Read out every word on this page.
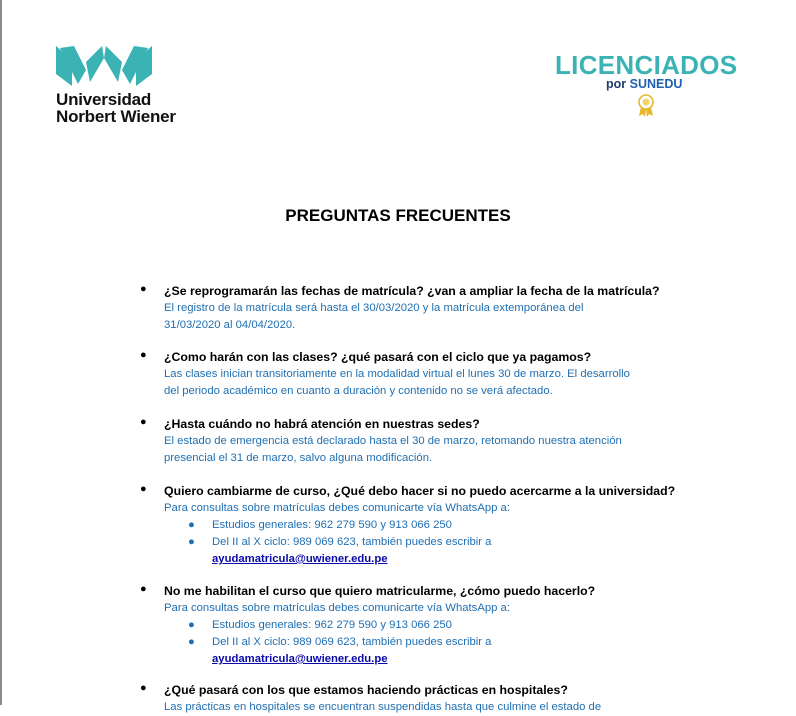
Universidad
Norbert Wiener
LICENCIADOS
por SUNEDU
PREGUNTAS FRECUENTES
● ¿Se reprogramarán las fechas de matrícula? ¿van a ampliar la fecha de la matrícula?
El registro de la matrícula será hasta el 30/03/2020 y la matrícula extemporánea del
31/03/2020 al 04/04/2020.
● ¿Como harán con las clases? ¿qué pasará con el ciclo que ya pagamos?
Las clases inician transitoriamente en la modalidad virtual el lunes 30 de marzo. El desarrollo
del periodo académico en cuanto a duración y contenido no se verá afectado.
● ¿Hasta cuándo no habrá atención en nuestras sedes?
El estado de emergencia está declarado hasta el 30 de marzo, retomando nuestra atención
presencial el 31 de marzo, salvo alguna modificación.
● Quiero cambiarme de curso, ¿Qué debo hacer si no puedo acercarme a la universidad?
Para consultas sobre matrículas debes comunicarte vía WhatsApp a:
● Estudios generales: 962 279 590 y 913 066 250
● Del II al X ciclo: 989 069 623, también puedes escribir a
ayudamatricula@uwiener.edu.pe
● No me habilitan el curso que quiero matricularme, ¿cómo puedo hacerlo?
Para consultas sobre matrículas debes comunicarte vía WhatsApp a:
● Estudios generales: 962 279 590 y 913 066 250
● Del II al X ciclo: 989 069 623, también puedes escribir a
ayudamatricula@uwiener.edu.pe
● ¿Qué pasará con los que estamos haciendo prácticas en hospitales?
Las prácticas en hospitales se encuentran suspendidas hasta que culmine el estado de
